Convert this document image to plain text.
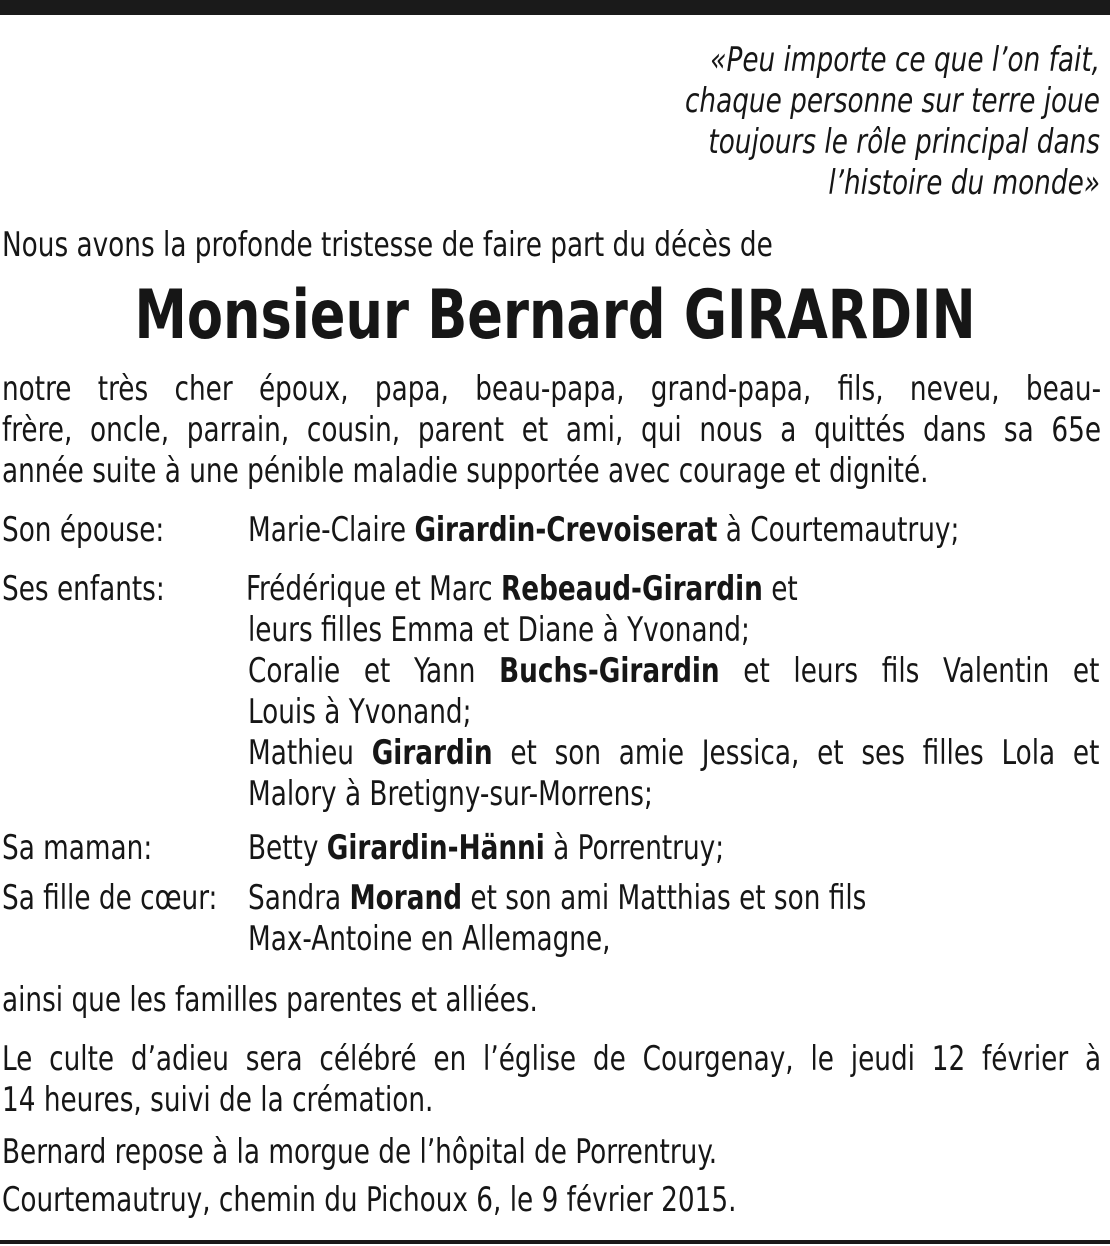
«Peu importe ce que l’on fait,
chaque personne sur terre joue
toujours le rôle principal dans
l’histoire du monde»
Nous avons la profonde tristesse de faire part du décès de
Monsieur Bernard GIRARDIN
notre très cher époux, papa, beau-papa, grand-papa, fils, neveu, beau-
frère, oncle, parrain, cousin, parent et ami, qui nous a quittés dans sa 65e
année suite à une pénible maladie supportée avec courage et dignité.
Son épouse: Marie-Claire Girardin-Crevoiserat à Courtemautruy;
Ses enfants: Frédérique et Marc Rebeaud-Girardin et
leurs filles Emma et Diane à Yvonand;
Coralie et Yann Buchs-Girardin et leurs fils Valentin et
Louis à Yvonand;
Mathieu Girardin et son amie Jessica, et ses filles Lola et
Malory à Bretigny-sur-Morrens;
Sa maman:	Betty Girardin-Hänni à Porrentruy;
Sa fille de cœur: Sandra Morand et son ami Matthias et son fils
Max-Antoine en Allemagne,
ainsi que les familles parentes et alliées.
Le culte d’adieu sera célébré en l’église de Courgenay, le jeudi 12 février à
14 heures, suivi de la crémation.
Bernard repose à la morgue de l’hôpital de Porrentruy.
Courtemautruy, chemin du Pichoux 6, le 9 février 2015.
